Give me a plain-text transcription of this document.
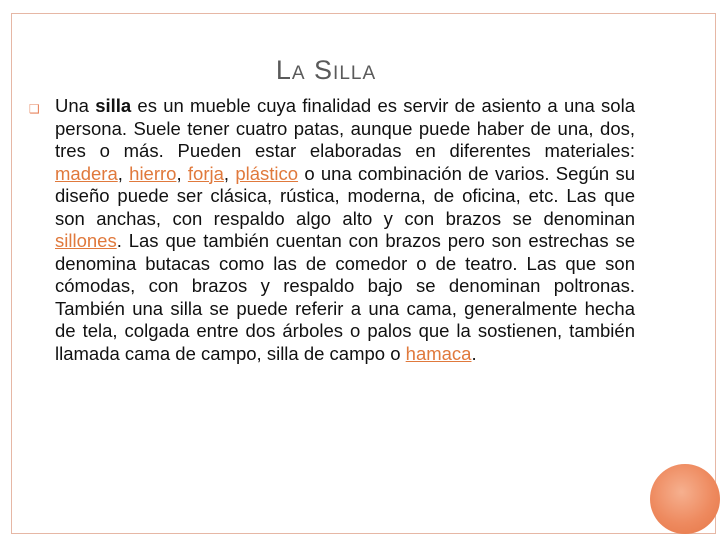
La Silla
❑ Una silla es un mueble cuya finalidad es servir de asiento a una sola persona. Suele tener cuatro patas, aunque puede haber de una, dos, tres o más. Pueden estar elaboradas en diferentes materiales: madera, hierro, forja, plástico o una combinación de varios. Según su diseño puede ser clásica, rústica, moderna, de oficina, etc. Las que son anchas, con respaldo algo alto y con brazos se denominan sillones. Las que también cuentan con brazos pero son estrechas se denomina butacas como las de comedor o de teatro. Las que son cómodas, con brazos y respaldo bajo se denominan poltronas. También una silla se puede referir a una cama, generalmente hecha de tela, colgada entre dos árboles o palos que la sostienen, también llamada cama de campo, silla de campo o hamaca.
